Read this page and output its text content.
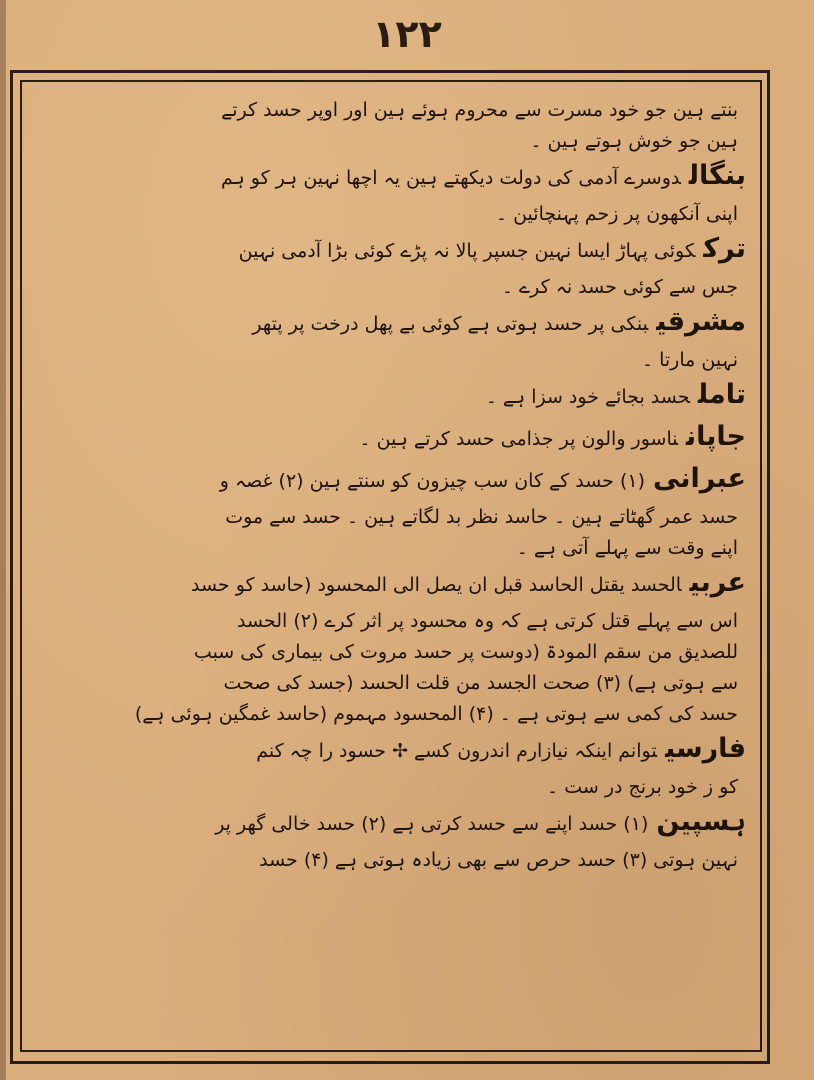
۱۲۲
بنتے ہین جو خود مسرت سے محروم ہوئے ہین اور اوپر حسد کرتے
ہین جو خوش ہوتے ہین ۔
بنگالدوسرے آدمی کی دولت دیکھتے ہین یہ اچھا نہین ہر کو ہم
اپنی آنکھون پر زحم پہنچائین ۔
ترککوئی پہاڑ ایسا نہین جسپر پالا نہ پڑے کوئی بڑا آدمی نہین
جس سے کوئی حسد نہ کرے ۔
مشرقیبنکی پر حسد ہوتی ہے کوئی بے پھل درخت پر پتھر
نہین مارتا ۔
تاملحسد بجائے خود سزا ہے ۔
جاپانناسور والون پر جذامی حسد کرتے ہین ۔
عبرانی(۱) حسد کے کان سب چیزون کو سنتے ہین (۲) غصہ و
حسد عمر گھٹاتے ہین ۔ حاسد نظر بد لگاتے ہین ۔ حسد سے موت
اپنے وقت سے پہلے آتی ہے ۔
عربیالحسد یقتل الحاسد قبل ان یصل الی المحسود (حاسد کو حسد
اس سے پہلے قتل کرتی ہے کہ وہ محسود پر اثر کرے (۲) الحسد
للصدیق من سقم المودۃ (دوست پر حسد مروت کی بیماری کی سبب
سے ہوتی ہے) (۳) صحت الجسد من قلت الحسد (جسد کی صحت
حسد کی کمی سے ہوتی ہے ۔ (۴) المحسود مہموم (حاسد غمگین ہوئی ہے)
فارسیتوانم اینکہ نیازارم اندرون کسے ✢ حسود را چہ کنم
کو ز خود برنج در ست ۔
ہسپین(۱) حسد اپنے سے حسد کرتی ہے (۲) حسد خالی گھر پر
نہین ہوتی (۳) حسد حرص سے بھی زیادہ ہوتی ہے (۴) حسد
